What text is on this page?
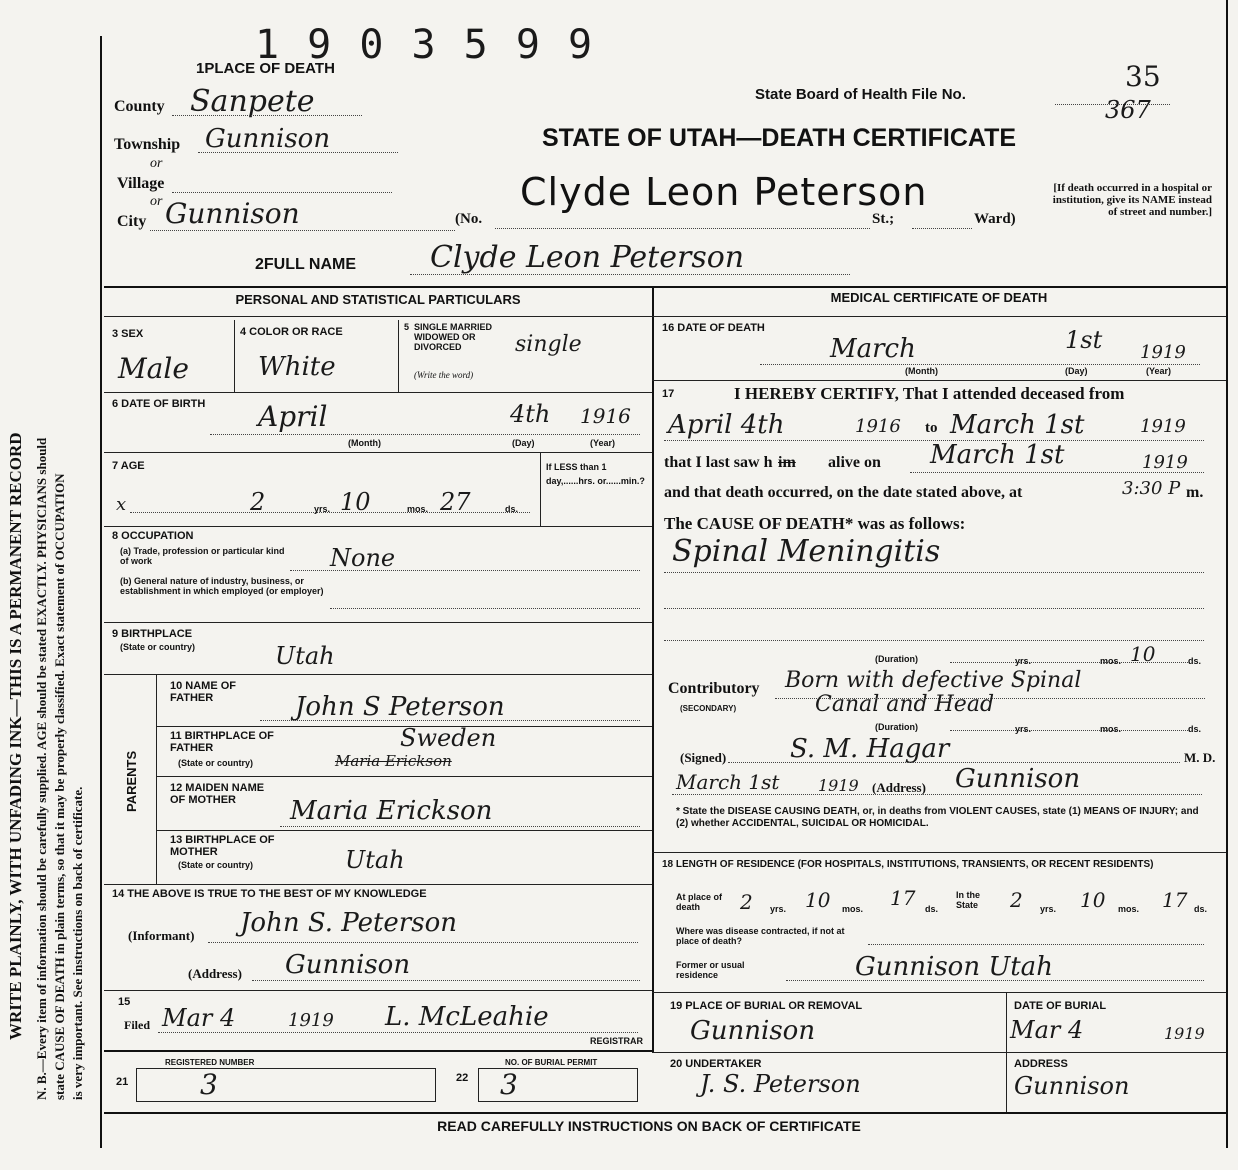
WRITE PLAINLY, WITH UNFADING INK—THIS IS A PERMANENT RECORD N. B.—Every item of information should be carefully supplied. AGE should be stated EXACTLY. PHYSICIANS should state CAUSE OF DEATH in plain terms, so that it may be properly classified. Exact statement of OCCUPATION is very important. See instructions on back of certificate.
1 9 0 3 5 9 9
1PLACE OF DEATH
State Board of Health File No.
35
367
STATE OF UTAH—DEATH CERTIFICATE
County Sanpete
Township Gunnison
or
Village
or
City Gunnison	(No.	St.;	Ward)
[If death occurred in a hospital or institution, give its NAME instead of street and number.]
Clyde Leon Peterson
2FULL NAME Clyde Leon Peterson
PERSONAL AND STATISTICAL PARTICULARS	MEDICAL CERTIFICATE OF DEATH
3 SEX
Male
4 COLOR OR RACE
White
5 SINGLE MARRIED WIDOWED OR DIVORCED
(Write the word)
single
6 DATE OF BIRTH April	4th 1916
(Month)	(Day)	(Year)
7 AGE
x	2	yrs. 10	mos. 27	ds.
If LESS than 1 day,......hrs. or......min.?
8 OCCUPATION
(a) Trade, profession or particular kind of work	None
(b) General nature of industry, business, or establishment in which employed (or employer)
9 BIRTHPLACE
(State or country)	Utah
PARENTS
10 NAME OF FATHER	John S Peterson
11 BIRTHPLACE OF FATHER
(State or country)
Sweden
Maria Erickson
12 MAIDEN NAME OF MOTHER	Maria Erickson
13 BIRTHPLACE OF MOTHER
(State or country)	Utah
14 THE ABOVE IS TRUE TO THE BEST OF MY KNOWLEDGE
(Informant) John S. Peterson
(Address) Gunnison
15
Filed Mar 4	1919 L. McLeahie
REGISTRAR
16 DATE OF DEATH
March	1st 1919
(Month)	(Day)	(Year)
17	I HEREBY CERTIFY, That I attended deceased from
April 4th	1916 to March 1st	1919
that I last saw h im alive on March 1st	1919
and that death occurred, on the date stated above, at	3:30 P m.
The CAUSE OF DEATH* was as follows:
Spinal Meningitis
(Duration)	yrs.	10
mos.	ds.
Contributory
(SECONDARY)
Born with defective Spinal
Canal and Head
(Duration)	yrs.	mos.	ds.
(Signed) S. M. Hagar	M. D.
March 1st 1919 (Address) Gunnison
* State the DISEASE CAUSING DEATH, or, in deaths from VIOLENT CAUSES, state (1) MEANS OF INJURY; and (2) whether ACCIDENTAL, SUICIDAL OR HOMICIDAL.
18 LENGTH OF RESIDENCE (FOR HOSPITALS, INSTITUTIONS, TRANSIENTS, OR RECENT RESIDENTS)
At place of death	2 yrs. 10 mos. 17 ds.
In the State	2 yrs. 10 mos. 17 ds.
Where was disease contracted, if not at place of death?
Former or usual residence	Gunnison Utah
19 PLACE OF BURIAL OR REMOVAL
Gunnison
DATE OF BURIAL
Mar 4	1919
20 UNDERTAKER
J. S. Peterson
ADDRESS
Gunnison
REGISTERED NUMBER
21	3
NO. OF BURIAL PERMIT
22 3
READ CAREFULLY INSTRUCTIONS ON BACK OF CERTIFICATE
